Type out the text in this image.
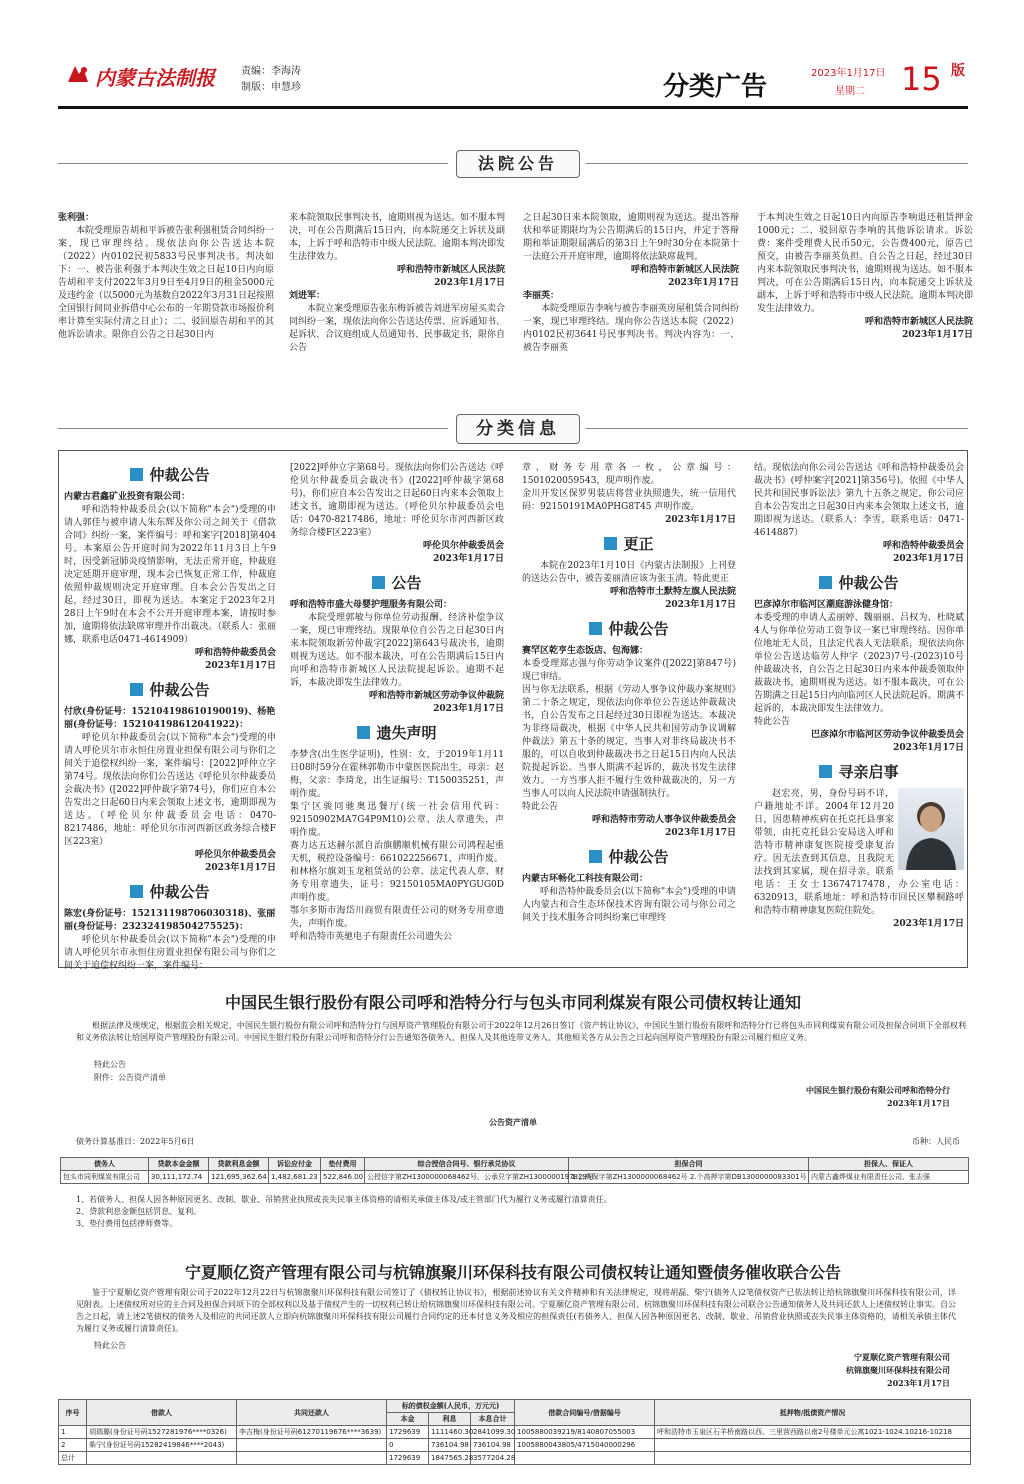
内蒙古法制报	责编：李海涛
制版：申慧珍	分类广告	2023年1月17日
星期二 15 版
法院公告

张利强：

本院受理原告胡和平诉被告张利强租赁合同纠纷一案，现已审理终结。现依法向你公告送达本院（2022）内0102民初5833号民事判决书。判决如下：一、被告张利强于本判决生效之日起10日内向原告胡和平支付2022年3月9日至4月9日的租金5000元及违约金（以5000元为基数自2022年3月31日起按照全国银行间同业拆借中心公布的一年期贷款市场报价利率计算至实际付清之日止）；二、驳回原告胡和平的其他诉讼请求。限你自公告之日起30日内

来本院领取民事判决书，逾期则视为送达。如不服本判决，可在公告期满后15日内，向本院递交上诉状及副本，上诉于呼和浩特市中级人民法院。逾期本判决即发生法律效力。

呼和浩特市新城区人民法院

2023年1月17日

刘进军：

本院立案受理原告张东梅诉被告刘进军房屋买卖合同纠纷一案，现依法向你公告送达传票、应诉通知书、起诉状、合议庭组成人员通知书、民事裁定书，限你自公告

之日起30日来本院领取，逾期则视为送达。提出答辩状和举证期限均为公告期满后的15日内，并定于答辩期和举证期限届满后的第3日上午9时30分在本院第十一法庭公开开庭审理，逾期将依法缺席裁判。

呼和浩特市新城区人民法院

2023年1月17日

李丽英：

本院受理原告李响与被告李丽英房屋租赁合同纠纷一案，现已审理终结。现向你公告送达本院（2022）内0102民初3641号民事判决书。判决内容为：一、被告李丽英

于本判决生效之日起10日内向原告李响退还租赁押金1000元；二、驳回原告李响的其他诉讼请求。诉讼费：案件受理费人民币50元，公告费400元，原告已预交，由被告李丽英负担。自公告之日起，经过30日内来本院领取民事判决书，逾期则视为送达。如不服本判决，可在公告期满后15日内，向本院递交上诉状及副本，上诉于呼和浩特市中级人民法院。逾期本判决即发生法律效力。

呼和浩特市新城区人民法院

2023年1月17日

分类信息
仲裁公告

内蒙古君鑫矿业投资有限公司：

呼和浩特仲裁委员会(以下简称"本会")受理的申请人郭佳与被申请人朱东辉及你公司之间关于《借款合同》纠纷一案，案件编号：呼和案字[2018]第404号。本案原公告开庭时间为2022年11月3日上午9时，因受新冠肺炎疫情影响，无法正常开庭，仲裁庭决定延期开庭审理，现本会已恢复正常工作，仲裁庭依照仲裁规则决定开庭审理。自本会公告发出之日起，经过30日，即视为送达。本案定于2023年2月28日上午9时在本会不公开开庭审理本案，请按时参加，逾期将依法缺席审理并作出裁决。（联系人：张丽娜，联系电话0471-4614909）

呼和浩特仲裁委员会

2023年1月17日

仲裁公告

付欣(身份证号：152104198610190019)、杨艳丽(身份证号：152104198612041922)：

呼伦贝尔仲裁委员会(以下简称"本会")受理的申请人呼伦贝尔市永恒住房置业担保有限公司与你们之间关于追偿权纠纷一案，案件编号：[2022]呼仲立字第74号。现依法向你们公告送达《呼伦贝尔仲裁委员会裁决书》([2022]呼仲裁字第74号)，你们应自本公告发出之日起60日内来会领取上述文书，逾期即视为送达。（呼伦贝尔仲裁委员会电话：0470-8217486，地址：呼伦贝尔市河西新区政务综合楼F区223室）

呼伦贝尔仲裁委员会

2023年1月17日

仲裁公告

陈宏(身份证号：152131198706030318)、张丽丽(身份证号：232324198504275525)：

呼伦贝尔仲裁委员会(以下简称"本会")受理的申请人呼伦贝尔市永恒住房置业担保有限公司与你们之间关于追偿权纠纷一案，案件编号：

[2022]呼仲立字第68号。现依法向你们公告送达《呼伦贝尔仲裁委员会裁决书》([2022]呼仲裁字第68号)，你们应自本公告发出之日起60日内来本会领取上述文书，逾期即视为送达。（呼伦贝尔仲裁委员会电话：0470-8217486，地址：呼伦贝尔市河西新区政务综合楼F区223室）

呼伦贝尔仲裁委员会

2023年1月17日

公告

呼和浩特市盛大母婴护理服务有限公司：

本院受理郭敏与你单位劳动报酬、经济补偿争议一案，现已审理终结。现限单位自公告之日起30日内来本院领取新劳仲裁字[2022]第643号裁决书，逾期则视为送达。如不服本裁决，可在公告期满后15日内向呼和浩特市新城区人民法院提起诉讼。逾期不起诉，本裁决即发生法律效力。

呼和浩特市新城区劳动争议仲裁院

2023年1月17日

遗失声明

李梦含(出生医学证明)，性别：女，于2019年1月11日08时59分在霍林郭勒市中蒙医医院出生，母亲：赵梅，父亲：李琦龙，出生证编号：T150035251，声明作废。
集宁区骏同驰奥迅餐厅(统一社会信用代码：92150902MA7G4P9M10)公章、法人章遗失，声明作废。
赛力达五达赫尔派自治旗鹏顺机械有限公司鸿程起重天机，税控设备编号：661022256671，声明作废。
和林格尔旗刘玉龙租赁站的公章、法定代表人章、财务专用章遗失，证号：92150105MA0PYGUG0D 声明作废。
鄂尔多斯市海岱川商贸有限责任公司的财务专用章遗失，声明作废。
呼和浩特市英驰电子有限责任公司遗失公

章、财务专用章各一枚，公章编号：1501020059543，现声明作废。
金川开发区保罗男装店将营业执照遗失，统一信用代码：92150191MA0PHG8T45 声明作废。

2023年1月17日

更正

本院在2023年1月10日《内蒙古法制报》上刊登的送达公告中，被告姜丽清应该为张玉清。特此更正

呼和浩特市土默特左旗人民法院

2023年1月17日

仲裁公告

赛罕区乾亨生态饭店、包海娜：

本委受理郑志强与你劳动争议案件([2022]第847号)现已审结。
因与你无法联系，根据《劳动人事争议仲裁办案规则》第二十条之规定，现依法向你单位公告送达仲裁裁决书，自公告发布之日起经过30日即视为送达。本裁决为非终局裁决，根据《中华人民共和国劳动争议调解仲裁法》第五十条的规定，当事人对非终局裁决书不服的，可以自收到仲裁裁决书之日起15日内向人民法院提起诉讼。当事人期满不起诉的，裁决书发生法律效力。一方当事人拒不履行生效仲裁裁决的，另一方当事人可以向人民法院申请强制执行。
特此公告

呼和浩特市劳动人事争议仲裁委员会

2023年1月17日

仲裁公告

内蒙古环畅化工科技有限公司：

呼和浩特仲裁委员会(以下简称"本会")受理的申请人内蒙古和合生态环保技术咨询有限公司与你公司之间关于技术服务合同纠纷案已审理终

结。现依法向你公司公告送达《呼和浩特仲裁委员会裁决书》(呼仲案字[2021]第356号)。依照《中华人民共和国民事诉讼法》第九十五条之规定，你公司应自本公告发出之日起30日内来本会领取上述文书，逾期即视为送达。（联系人：李雪，联系电话：0471-4614887）

呼和浩特仲裁委员会

2023年1月17日

仲裁公告

巴彦淖尔市临河区潮庭游泳健身馆：

本委受理的申请人孟丽婷、魏丽丽、吕权为、杜晓斌4人与你单位劳动工资争议一案已审理终结。因你单位地址无人员，且法定代表人无法联系，现依法向你单位公告送达临劳人仲字（2023)7号-(2023)10号仲裁裁决书，自公告之日起30日内来本仲裁委领取仲裁裁决书，逾期则视为送达。如不服本裁决，可在公告期满之日起15日内向临河区人民法院起诉。期满不起诉的，本裁决即发生法律效力。
特此公告

巴彦淖尔市临河区劳动争议仲裁委员会

2023年1月17日

寻亲启事

赵宏亮，男，身份号码不详，户籍地址不详。2004年12月20日，因患精神疾病在托克托县事家带领，由托克托县公安局送入呼和浩特市精神康复医院接受康复治疗。因无法查到其信息，且我院无法找到其家属，现在招寻亲。联系电话：王女士13674717478，办公室电话：6320913，联系地址：呼和浩特市回民区攀桐路呼和浩特市精神康复医院住院处。

2023年1月17日

中国民生银行股份有限公司呼和浩特分行与包头市同利煤炭有限公司债权转让通知

根据法律及规规定，根据监会相关规定，中国民生银行股份有限公司呼和浩特分行与国厚资产管理股份有限公司于2022年12月26日签订《资产转让协议》，中国民生银行股份有限呼和浩特分行已将包头市同利煤炭有限公司及担保合同项下全部权利和义务依法转让给国厚资产管理股份有限公司。中国民生银行股份有限公司呼和浩特分行公告通知各债务人、担保人及其他连带义务人、其他相关各方从公告之日起向国厚资产管理股份有限公司履行相应义务。

特此公告

附件：公告资产清单

中国民生银行股份有限公司呼和浩特分行

2023年1月17日

公告资产清单

债务计算基准日：2022年5月6日	币种：人民币

债务人	贷款本金金额	贷款利息金额	诉讼应付金	垫付费用	综合授信合同号、银行承兑协议	担保合同	担保人、保证人
包头市同利煤炭有限公司	30,111,172.74	121,695,362.64	1,482,681.23	522,846.00	公授信字第ZH1300000068462号、公承兑字第ZH1300000197829号	1.公高保字第ZH1300000068462号 2.个高押字第DB1300000083301号	内蒙古鑫烨煤业有限责任公司、张志强
1、若债务人、担保人因各种原因更名、改制、歇业、吊销营业执照或丧失民事主体资格的请相关承债主体及/或主管部门代为履行义务或履行清算责任。
2、贷款利息金额包括罚息、复利。
3、垫付费用包括律师费等。
宁夏顺亿资产管理有限公司与杭锦旗聚川环保科技有限公司债权转让通知暨债务催收联合公告

鉴于宁夏顺亿资产管理有限公司于2022年12月22日与杭锦旗聚川环保科技有限公司签订了《债权转让协议书》，根据前述协议有关文件精神和有关法律规定，现将胡磊、柴宁(债务人)2笔债权资产已依法转让给杭锦旗聚川环保科技有限公司，详见附表。上述债权所对应的主合同及担保合同项下的全部权利以及基于债权产生的一切权利已转让给杭锦旗聚川环保科技有限公司。宁夏顺亿资产管理有限公司、杭锦旗聚川环保科技有限公司联合公告通知债务人及共同还款人上述债权转让事实。自公告之日起，请上述2笔债权的债务人及相应的共同还款人立即向杭锦旗聚川环保科技有限公司履行合同约定的还本付息义务及相应的担保责任(若债务人、担保人因各种原因更名、改制、歇业、吊销营业执照或丧失民事主体资格的，请相关承债主体代为履行义务或履行清算责任)。

特此公告

宁夏顺亿资产管理有限公司

杭锦旗聚川环保科技有限公司

2023年1月17日

序号	借款人	共同还款人	标的债权金额(人民币，万元元)			借款合同编号/借据编号	抵押物/抵债资产情况
			本金	利息	本息合计		
1	胡瑞璐(身份证号码1527281976****0326)	李吉梅(身份证号码61270119676****3639)	1729639	1111460.30	2841099.30	1005880039219/8140807055003	呼和浩特市玉泉区石羊桥南路以西、三里营西路以南2号楼单元公寓1021-1024.10216-10218
2	柴宁(身份证号码15282419846****2043)		0	736104.98	736104.98	1005880043805/4715040000296	
总计			1729639	1847565.28	3577204.28		
